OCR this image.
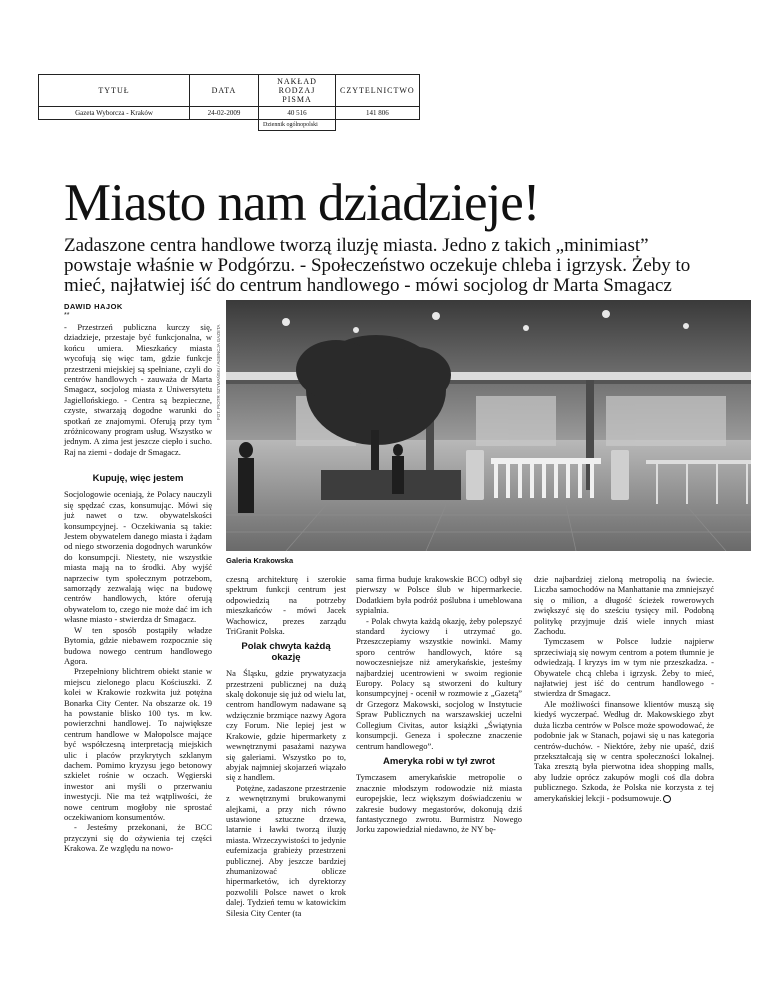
TYTUŁ	DATA	NAKŁAD RODZAJ PISMA	CZYTELNICTWO
Gazeta Wyborcza - Kraków	24-02-2009	40 516	141 806
		Dziennik ogólnopolski	
Miasto nam dziadzieje!

Zadaszone centra handlowe tworzą iluzję miasta. Jedno z takich „minimiast” powstaje właśnie w Podgórzu. - Społeczeństwo oczekuje chleba i igrzysk. Żeby to mieć, najłatwiej iść do centrum handlowego - mówi socjolog dr Marta Smagacz

DAWID HAJOK
**

- Przestrzeń publiczna kurczy się, dziadzieje, przestaje być funkcjonalna, w końcu umiera. Mieszkańcy miasta wycofują się więc tam, gdzie funkcje przestrzeni miejskiej są spełniane, czyli do centrów handlowych - zauważa dr Marta Smagacz, socjolog miasta z Uniwersytetu Jagiellońskiego. - Centra są bezpieczne, czyste, stwarzają dogodne warunki do spotkań ze znajomymi. Oferują przy tym zróżnicowany program usług. Wszystko w jednym. A zima jest jeszcze ciepło i sucho. Raj na ziemi - dodaje dr Smagacz.

Kupuję, więc jestem

Socjologowie oceniają, że Polacy nauczyli się spędzać czas, konsumując. Mówi się już nawet o tzw. obywatelskości konsumpcyjnej. - Oczekiwania są takie: Jestem obywatelem danego miasta i żądam od niego stworzenia dogodnych warunków do konsumpcji. Niestety, nie wszystkie miasta mają na to środki. Aby wyjść naprzeciw tym społecznym potrzebom, samorządy zezwalają więc na budowę centrów handlowych, które oferują obywatelom to, czego nie może dać im ich własne miasto - stwierdza dr Smagacz.

W ten sposób postąpiły władze Bytomia, gdzie niebawem rozpocznie się budowa nowego centrum handlowego Agora.

Przepełniony blichtrem obiekt stanie w miejscu zielonego placu Kościuszki. Z kolei w Krakowie rozkwita już potężna Bonarka City Center. Na obszarze ok. 19 ha powstanie blisko 100 tys. m kw. powierzchni handlowej. To największe centrum handlowe w Małopolsce mające być współczesną interpretacją miejskich ulic i placów przykrytych szklanym dachem. Pomimo kryzysu jego betonowy szkielet rośnie w oczach. Węgierski inwestor ani myśli o przerwaniu inwestycji. Nie ma też wątpliwości, że nowe centrum mogłoby nie sprostać oczekiwaniom konsumentów.

- Jesteśmy przekonani, że BCC przyczyni się do ożywienia tej części Krakowa. Ze względu na nowo-

FOT. PIOTR SZYMAŃSKI / AGENCJA GAZETA
Galeria Krakowska

czesną architekturę i szerokie spektrum funkcji centrum jest odpowiedzią na potrzeby mieszkańców - mówi Jacek Wachowicz, prezes zarządu TriGranit Polska.

Polak chwyta każdą okazję

Na Śląsku, gdzie prywatyzacja przestrzeni publicznej na dużą skalę dokonuje się już od wielu lat, centrom handlowym nadawane są wdzięcznie brzmiące nazwy Agora czy Forum. Nie lepiej jest w Krakowie, gdzie hipermarkety z wewnętrznymi pasażami nazywa się galeriami. Wszystko po to, abyjak najmniej skojarzeń wiązało się z handlem.

Potężne, zadaszone przestrzenie z wewnętrznymi brukowanymi alejkami, a przy nich równo ustawione sztuczne drzewa, latarnie i ławki tworzą iluzję miasta. Wrzeczywistości to jedynie eufemizacja grabieży przestrzeni publicznej. Aby jeszcze bardziej zhumanizować oblicze hipermarketów, ich dyrektorzy pozwolili Polsce nawet o krok dalej. Tydzień temu w katowickim Silesia City Center (ta

sama firma buduje krakowskie BCC) odbył się pierwszy w Polsce ślub w hipermarkecie. Dodatkiem była podróż poślubna i umeblowana sypialnia.

- Polak chwyta każdą okazję, żeby polepszyć standard życiowy i utrzymać go. Przeszczepiamy wszystkie nowinki. Mamy sporo centrów handlowych, które są nowoczesniejsze niż amerykańskie, jesteśmy najbardziej ucentrowieni w swoim regionie Europy. Polacy są stworzeni do kultury konsumpcyjnej - ocenił w rozmowie z „Gazetą” dr Grzegorz Makowski, socjolog w Instytucie Spraw Publicznych na warszawskiej uczelni Collegium Civitas, autor książki „Świątynia konsumpcji. Geneza i społeczne znaczenie centrum handlowego”.

Ameryka robi w tył zwrot

Tymczasem amerykańskie metropolie o znacznie młodszym rodowodzie niż miasta europejskie, lecz większym doświadczeniu w zakresie budowy megastorów, dokonują dziś fantastycznego zwrotu. Burmistrz Nowego Jorku zapowiedział niedawno, że NY bę-

dzie najbardziej zieloną metropolią na świecie. Liczba samochodów na Manhattanie ma zmniejszyć się o milion, a długość ścieżek rowerowych zwiększyć się do sześciu tysięcy mil. Podobną politykę przyjmuje dziś wiele innych miast Zachodu.

Tymczasem w Polsce ludzie najpierw sprzeciwiają się nowym centrom a potem tłumnie je odwiedzają. I kryzys im w tym nie przeszkadza. - Obywatele chcą chleba i igrzysk. Żeby to mieć, najłatwiej jest iść do centrum handlowego - stwierdza dr Smagacz.

Ale możliwości finansowe klientów muszą się kiedyś wyczerpać. Według dr. Makowskiego zbyt duża liczba centrów w Polsce może spowodować, że podobnie jak w Stanach, pojawi się u nas kategoria centrów-duchów. - Niektóre, żeby nie upaść, dziś przekształcają się w centra społeczności lokalnej. Taka zresztą była pierwotna idea shopping malls, aby ludzie oprócz zakupów mogli coś dla dobra publicznego. Szkoda, że Polska nie korzysta z tej amerykańskiej lekcji - podsumowuje.
